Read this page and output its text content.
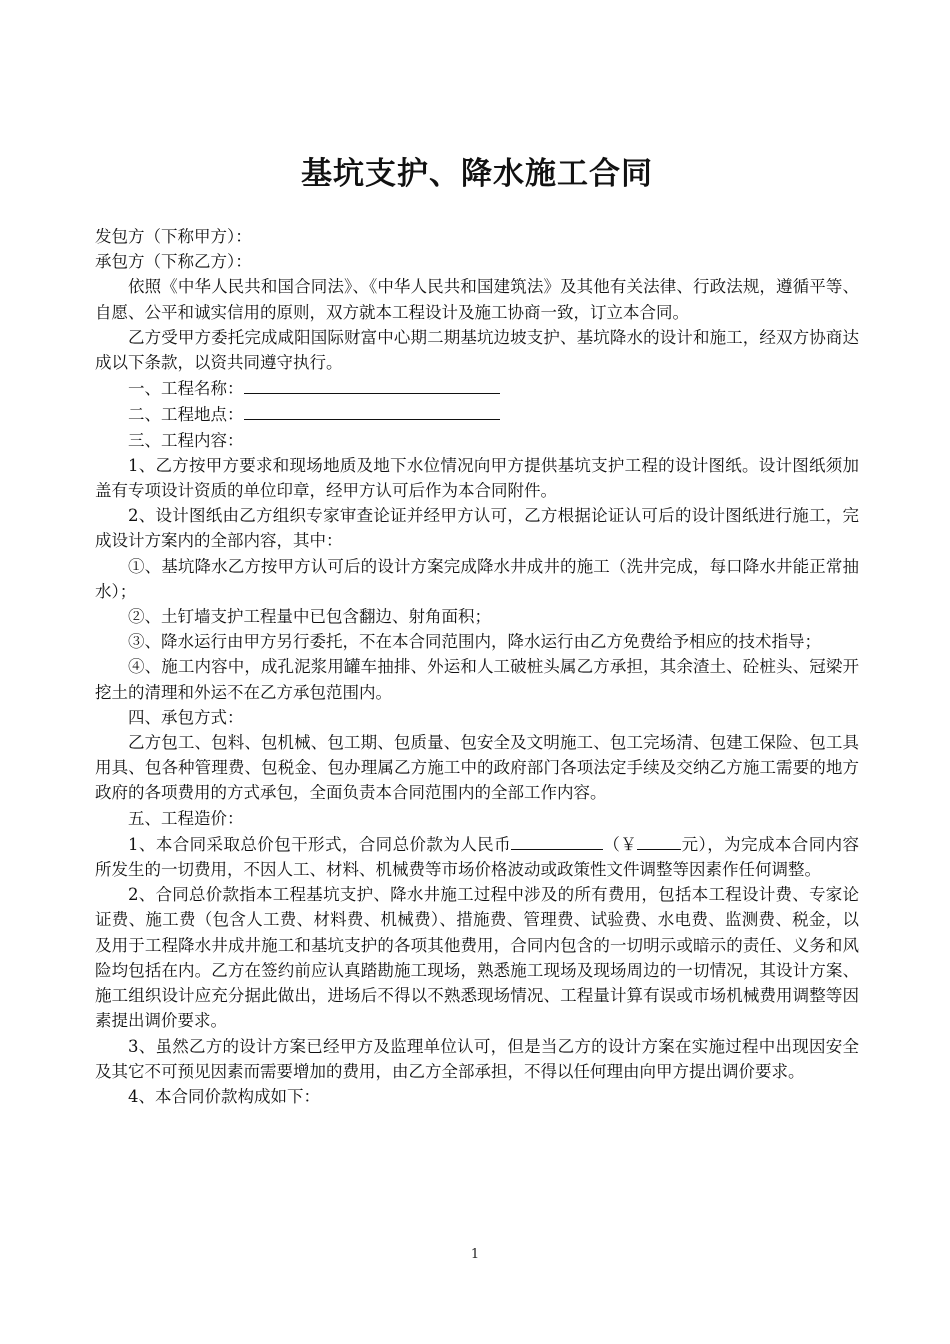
基坑支护、降水施工合同

发包方（下称甲方）：

承包方（下称乙方）：

依照《中华人民共和国合同法》、《中华人民共和国建筑法》及其他有关法律、行政法规，遵循平等、自愿、公平和诚实信用的原则，双方就本工程设计及施工协商一致，订立本合同。

乙方受甲方委托完成咸阳国际财富中心期二期基坑边坡支护、基坑降水的设计和施工，经双方协商达成以下条款，以资共同遵守执行。

一、工程名称：

二、工程地点：

三、工程内容：

1、乙方按甲方要求和现场地质及地下水位情况向甲方提供基坑支护工程的设计图纸。设计图纸须加盖有专项设计资质的单位印章，经甲方认可后作为本合同附件。

2、设计图纸由乙方组织专家审查论证并经甲方认可，乙方根据论证认可后的设计图纸进行施工，完成设计方案内的全部内容，其中：

①、基坑降水乙方按甲方认可后的设计方案完成降水井成井的施工（洗井完成，每口降水井能正常抽水）；

②、土钉墙支护工程量中已包含翻边、射角面积；

③、降水运行由甲方另行委托，不在本合同范围内，降水运行由乙方免费给予相应的技术指导；

④、施工内容中，成孔泥浆用罐车抽排、外运和人工破桩头属乙方承担，其余渣土、砼桩头、冠梁开挖土的清理和外运不在乙方承包范围内。

四、承包方式：

乙方包工、包料、包机械、包工期、包质量、包安全及文明施工、包工完场清、包建工保险、包工具用具、包各种管理费、包税金、包办理属乙方施工中的政府部门各项法定手续及交纳乙方施工需要的地方政府的各项费用的方式承包，全面负责本合同范围内的全部工作内容。

五、工程造价：

1、本合同采取总价包干形式，合同总价款为人民币	（￥	元），为完成本合同内容所发生的一切费用，不因人工、材料、机械费等市场价格波动或政策性文件调整等因素作任何调整。

2、合同总价款指本工程基坑支护、降水井施工过程中涉及的所有费用，包括本工程设计费、专家论证费、施工费（包含人工费、材料费、机械费）、措施费、管理费、试验费、水电费、监测费、税金，以及用于工程降水井成井施工和基坑支护的各项其他费用，合同内包含的一切明示或暗示的责任、义务和风险均包括在内。乙方在签约前应认真踏勘施工现场，熟悉施工现场及现场周边的一切情况，其设计方案、施工组织设计应充分据此做出，进场后不得以不熟悉现场情况、工程量计算有误或市场机械费用调整等因素提出调价要求。

3、虽然乙方的设计方案已经甲方及监理单位认可，但是当乙方的设计方案在实施过程中出现因安全及其它不可预见因素而需要增加的费用，由乙方全部承担，不得以任何理由向甲方提出调价要求。

4、本合同价款构成如下：

1
